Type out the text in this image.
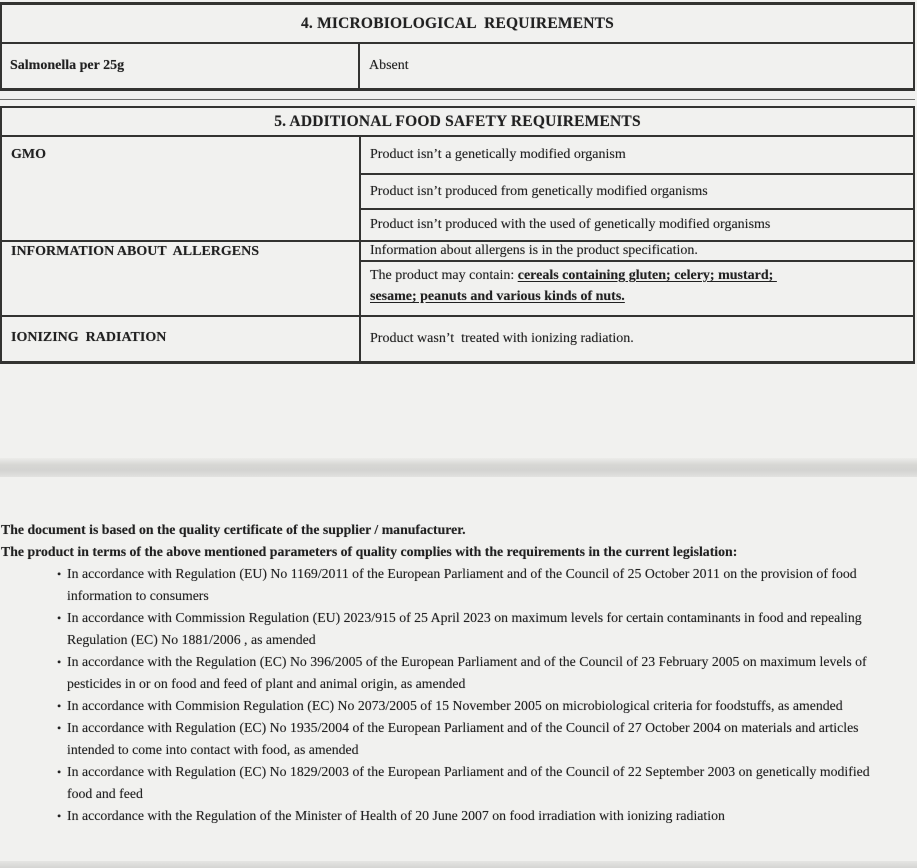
4. MICROBIOLOGICAL  REQUIREMENTS
Salmonella per 25g	Absent
5. ADDITIONAL FOOD SAFETY REQUIREMENTS
GMO	Product isn’t a genetically modified organism
Product isn’t produced from genetically modified organisms
Product isn’t produced with the used of genetically modified organisms
INFORMATION ABOUT  ALLERGENS	Information about allergens is in the product specification.
The product may contain: cereals containing gluten; celery; mustard;
sesame; peanuts and various kinds of nuts.
IONIZING  RADIATION	Product wasn’t  treated with ionizing radiation.

The document is based on the quality certificate of the supplier / manufacturer.

The product in terms of the above mentioned parameters of quality complies with the requirements in the current legislation:

• In accordance with Regulation (EU) No 1169/2011 of the European Parliament and of the Council of 25 October 2011 on the provision of food information to consumers
• In accordance with Commission Regulation (EU) 2023/915 of 25 April 2023 on maximum levels for certain contaminants in food and repealing Regulation (EC) No 1881/2006 , as amended
• In accordance with the Regulation (EC) No 396/2005 of the European Parliament and of the Council of 23 February 2005 on maximum levels of pesticides in or on food and feed of plant and animal origin, as amended
• In accordance with Commision Regulation (EC) No 2073/2005 of 15 November 2005 on microbiological criteria for foodstuffs, as amended
• In accordance with Regulation (EC) No 1935/2004 of the European Parliament and of the Council of 27 October 2004 on materials and articles intended to come into contact with food, as amended
• In accordance with Regulation (EC) No 1829/2003 of the European Parliament and of the Council of 22 September 2003 on genetically modified food and feed
• In accordance with the Regulation of the Minister of Health of 20 June 2007 on food irradiation with ionizing radiation
